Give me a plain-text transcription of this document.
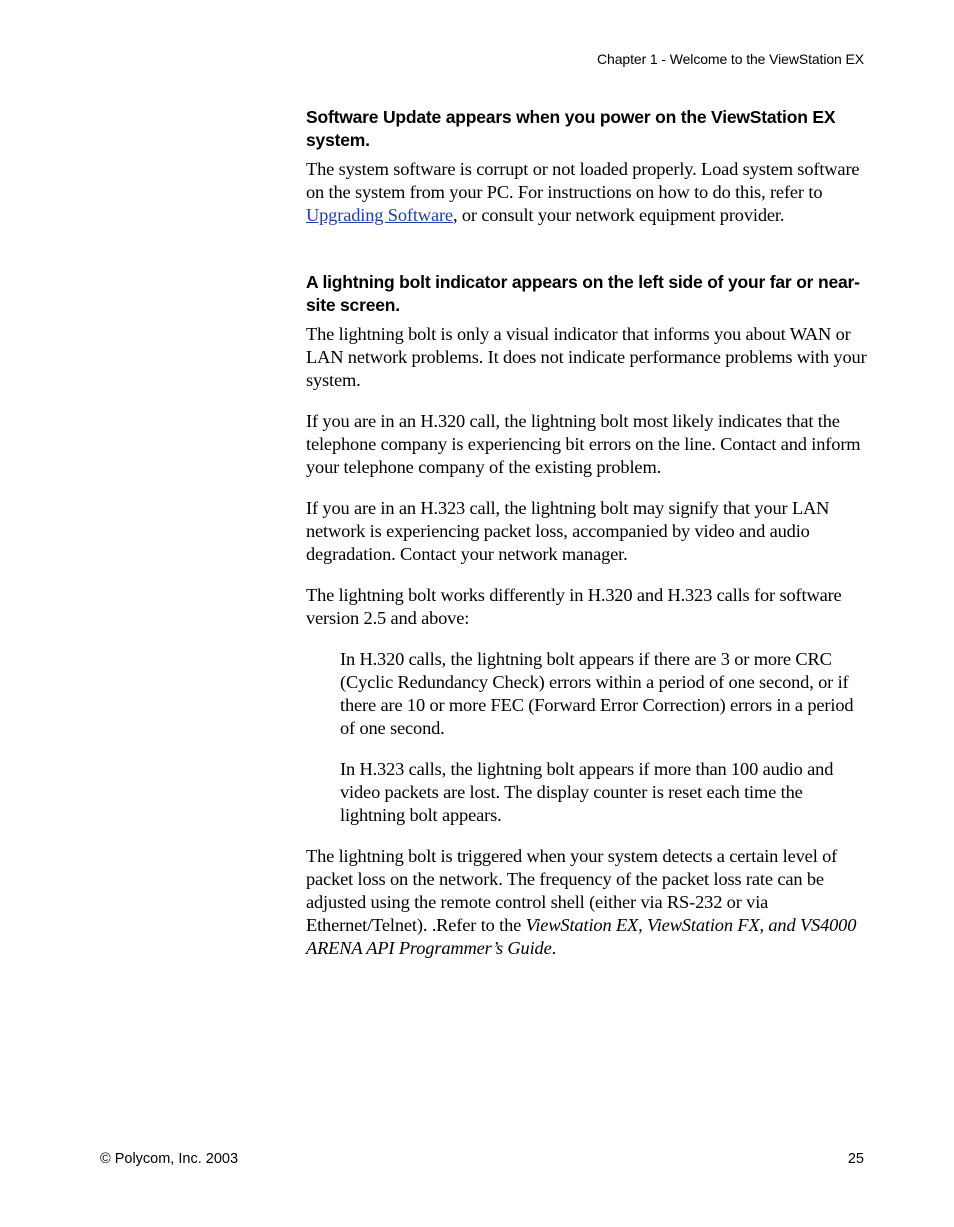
Chapter 1 - Welcome to the ViewStation EX
Software Update appears when you power on the ViewStation EX system.

The system software is corrupt or not loaded properly. Load system software on the system from your PC. For instructions on how to do this, refer to Upgrading Software, or consult your network equipment provider.

A lightning bolt indicator appears on the left side of your far or near-site screen.

The lightning bolt is only a visual indicator that informs you about WAN or LAN network problems. It does not indicate performance problems with your system.

If you are in an H.320 call, the lightning bolt most likely indicates that the telephone company is experiencing bit errors on the line. Contact and inform your telephone company of the existing problem.

If you are in an H.323 call, the lightning bolt may signify that your LAN network is experiencing packet loss, accompanied by video and audio degradation. Contact your network manager.

The lightning bolt works differently in H.320 and H.323 calls for software version 2.5 and above:

In H.320 calls, the lightning bolt appears if there are 3 or more CRC (Cyclic Redundancy Check) errors within a period of one second, or if there are 10 or more FEC (Forward Error Correction) errors in a period of one second.

In H.323 calls, the lightning bolt appears if more than 100 audio and video packets are lost. The display counter is reset each time the lightning bolt appears.

The lightning bolt is triggered when your system detects a certain level of packet loss on the network. The frequency of the packet loss rate can be adjusted using the remote control shell (either via RS-232 or via Ethernet/Telnet). .Refer to the ViewStation EX, ViewStation FX, and VS4000 ARENA API Programmer’s Guide.

© Polycom, Inc. 2003	25
